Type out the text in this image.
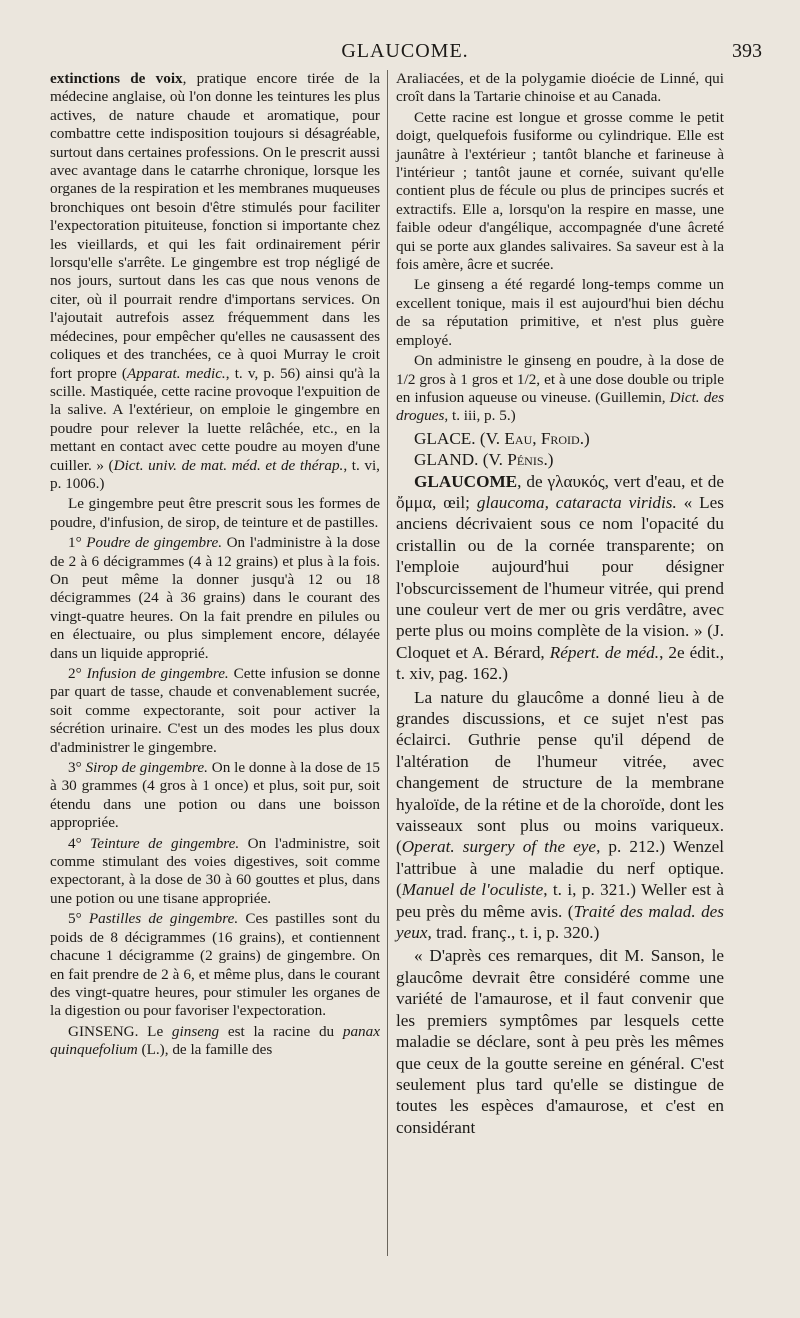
GLAUCOME.	393

extinctions de voix, pratique encore tirée de la médecine anglaise, où l'on donne les teintures les plus actives, de nature chaude et aromatique, pour combattre cette indisposition toujours si désagréable, surtout dans certaines professions. On le prescrit aussi avec avantage dans le catarrhe chronique, lorsque les organes de la respiration et les membranes muqueuses bronchiques ont besoin d'être stimulés pour faciliter l'expectoration pituiteuse, fonction si importante chez les vieillards, et qui les fait ordinairement périr lorsqu'elle s'arrête. Le gingembre est trop négligé de nos jours, surtout dans les cas que nous venons de citer, où il pourrait rendre d'importans services. On l'ajoutait autrefois assez fréquemment dans les médecines, pour empêcher qu'elles ne causassent des coliques et des tranchées, ce à quoi Murray le croit fort propre (Apparat. medic., t. v, p. 56) ainsi qu'à la scille. Mastiquée, cette racine provoque l'expuition de la salive. A l'extérieur, on emploie le gingembre en poudre pour relever la luette relâchée, etc., en la mettant en contact avec cette poudre au moyen d'une cuiller. » (Dict. univ. de mat. méd. et de thérap., t. vi, p. 1006.)

Le gingembre peut être prescrit sous les formes de poudre, d'infusion, de sirop, de teinture et de pastilles.

1° Poudre de gingembre. On l'administre à la dose de 2 à 6 décigrammes (4 à 12 grains) et plus à la fois. On peut même la donner jusqu'à 12 ou 18 décigrammes (24 à 36 grains) dans le courant des vingt-quatre heures. On la fait prendre en pilules ou en électuaire, ou plus simplement encore, délayée dans un liquide approprié.

2° Infusion de gingembre. Cette infusion se donne par quart de tasse, chaude et convenablement sucrée, soit comme expectorante, soit pour activer la sécrétion urinaire. C'est un des modes les plus doux d'administrer le gingembre.

3° Sirop de gingembre. On le donne à la dose de 15 à 30 grammes (4 gros à 1 once) et plus, soit pur, soit étendu dans une potion ou dans une boisson appropriée.

4° Teinture de gingembre. On l'administre, soit comme stimulant des voies digestives, soit comme expectorant, à la dose de 30 à 60 gouttes et plus, dans une potion ou une tisane appropriée.

5° Pastilles de gingembre. Ces pastilles sont du poids de 8 décigrammes (16 grains), et contiennent chacune 1 décigramme (2 grains) de gingembre. On en fait prendre de 2 à 6, et même plus, dans le courant des vingt-quatre heures, pour stimuler les organes de la digestion ou pour favoriser l'expectoration.

GINSENG. Le ginseng est la racine du panax quinquefolium (L.), de la famille des

Araliacées, et de la polygamie dioécie de Linné, qui croît dans la Tartarie chinoise et au Canada.

Cette racine est longue et grosse comme le petit doigt, quelquefois fusiforme ou cylindrique. Elle est jaunâtre à l'extérieur ; tantôt blanche et farineuse à l'intérieur ; tantôt jaune et cornée, suivant qu'elle contient plus de fécule ou plus de principes sucrés et extractifs. Elle a, lorsqu'on la respire en masse, une faible odeur d'angélique, accompagnée d'une âcreté qui se porte aux glandes salivaires. Sa saveur est à la fois amère, âcre et sucrée.

Le ginseng a été regardé long-temps comme un excellent tonique, mais il est aujourd'hui bien déchu de sa réputation primitive, et n'est plus guère employé.

On administre le ginseng en poudre, à la dose de 1/2 gros à 1 gros et 1/2, et à une dose double ou triple en infusion aqueuse ou vineuse. (Guillemin, Dict. des drogues, t. iii, p. 5.)

GLACE. (V. Eau, Froid.)

GLAND. (V. Pénis.)

GLAUCOME, de γλαυκός, vert d'eau, et de ὄμμα, œil; glaucoma, cataracta viridis. « Les anciens décrivaient sous ce nom l'opacité du cristallin ou de la cornée transparente; on l'emploie aujourd'hui pour désigner l'obscurcissement de l'humeur vitrée, qui prend une couleur vert de mer ou gris verdâtre, avec perte plus ou moins complète de la vision. » (J. Cloquet et A. Bérard, Répert. de méd., 2e édit., t. xiv, pag. 162.)

La nature du glaucôme a donné lieu à de grandes discussions, et ce sujet n'est pas éclairci. Guthrie pense qu'il dépend de l'altération de l'humeur vitrée, avec changement de structure de la membrane hyaloïde, de la rétine et de la choroïde, dont les vaisseaux sont plus ou moins variqueux. (Operat. surgery of the eye, p. 212.) Wenzel l'attribue à une maladie du nerf optique. (Manuel de l'oculiste, t. i, p. 321.) Weller est à peu près du même avis. (Traité des malad. des yeux, trad. franç., t. i, p. 320.)

« D'après ces remarques, dit M. Sanson, le glaucôme devrait être considéré comme une variété de l'amaurose, et il faut convenir que les premiers symptômes par lesquels cette maladie se déclare, sont à peu près les mêmes que ceux de la goutte sereine en général. C'est seulement plus tard qu'elle se distingue de toutes les espèces d'amaurose, et c'est en considérant
